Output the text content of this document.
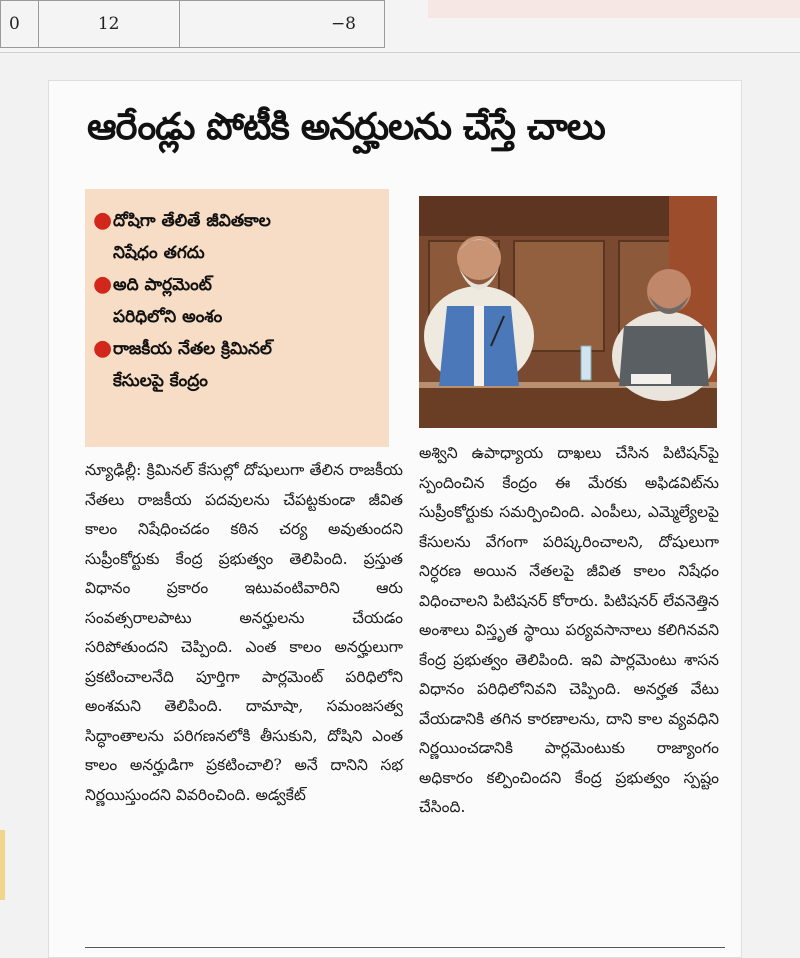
0	12	−8
ఆరేండ్లు పోటీకి అనర్హులను చేస్తే చాలు
● దోషిగా తేలితే జీవితకాల
నిషేధం తగదు
● అది పార్లమెంట్
పరిధిలోని అంశం
● రాజకీయ నేతల క్రిమినల్
కేసులపై కేంద్రం
న్యూఢిల్లీ: క్రిమినల్ కేసుల్లో దోషులుగా తేలిన రాజకీయ నేతలు రాజకీయ పదవులను చేపట్టకుండా జీవిత కాలం నిషేధించడం కఠిన చర్య అవుతుందని సుప్రీంకోర్టుకు కేంద్ర ప్రభుత్వం తెలిపింది. ప్రస్తుత విధానం ప్రకారం ఇటువంటివారిని ఆరు సంవత్సరాలపాటు అనర్హులను చేయడం సరిపోతుందని చెప్పింది. ఎంత కాలం అనర్హులుగా ప్రకటించాలనేది పూర్తిగా పార్లమెంట్ పరిధిలోని అంశమని తెలిపింది. దామాషా, సమంజసత్వ సిద్ధాంతాలను పరిగణనలోకి తీసుకుని, దోషిని ఎంత కాలం అనర్హుడిగా ప్రకటించాలి? అనే దానిని సభ నిర్ణయిస్తుందని వివరించింది. అడ్వకేట్
అశ్విని ఉపాధ్యాయ దాఖలు చేసిన పిటిషన్‌పై స్పందించిన కేంద్రం ఈ మేరకు అఫిడవిట్‌ను సుప్రీంకోర్టుకు సమర్పించింది. ఎంపీలు, ఎమ్మెల్యేలపై కేసులను వేగంగా పరిష్కరించాలని, దోషులుగా నిర్ధరణ అయిన నేతలపై జీవిత కాలం నిషేధం విధించాలని పిటిషనర్ కోరారు. పిటిషనర్ లేవనెత్తిన అంశాలు విస్తృత స్థాయి పర్యవసానాలు కలిగినవని కేంద్ర ప్రభుత్వం తెలిపింది. ఇవి పార్లమెంటు శాసన విధానం పరిధిలోనివని చెప్పింది. అనర్హత వేటు వేయడానికి తగిన కారణాలను, దాని కాల వ్యవధిని నిర్ణయించడానికి పార్లమెంటుకు రాజ్యాంగం అధికారం కల్పించిందని కేంద్ర ప్రభుత్వం స్పష్టం చేసింది.
